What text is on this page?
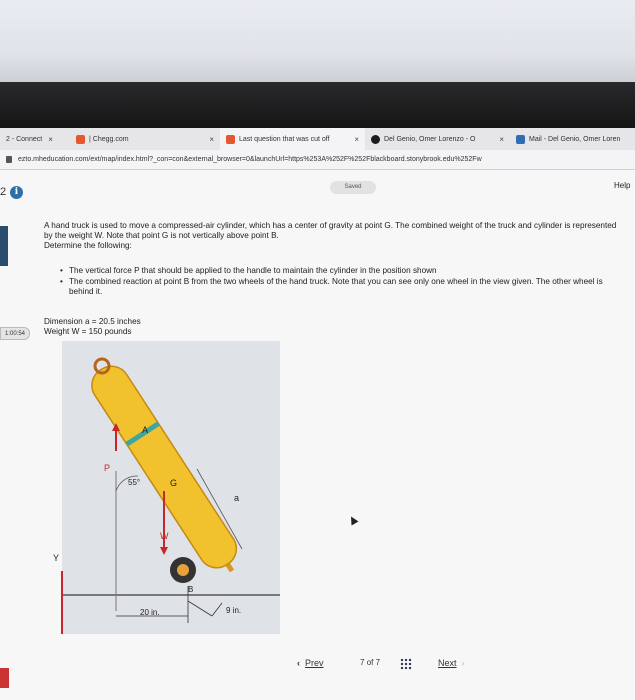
2 - Connect ×	| Chegg.com	×	Last question that was cut off	×	Del Genio, Omer Lorenzo - O	×	Mail - Del Genio, Omer Loren
ezto.mheducation.com/ext/map/index.html?_con=con&external_browser=0&launchUrl=https%253A%252F%252Fblackboard.stonybrook.edu%252Fw
2 i	Saved	Help
1:00:54

A hand truck is used to move a compressed-air cylinder, which has a center of gravity at point G. The combined weight of the truck and cylinder is represented by the weight W. Note that point G is not vertically above point B.

Determine the following:

• The vertical force P that should be applied to the handle to maintain the cylinder in the position shown
• The combined reaction at point B from the two wheels of the hand truck. Note that you can see only one wheel in the view given. The other wheel is behind it.
Dimension a = 20.5 inches
Weight W = 150 pounds
A
P
55°	G
a
W
Y
B
20 in.	9 in.
‹ Prev	7 of 7	Next ›
